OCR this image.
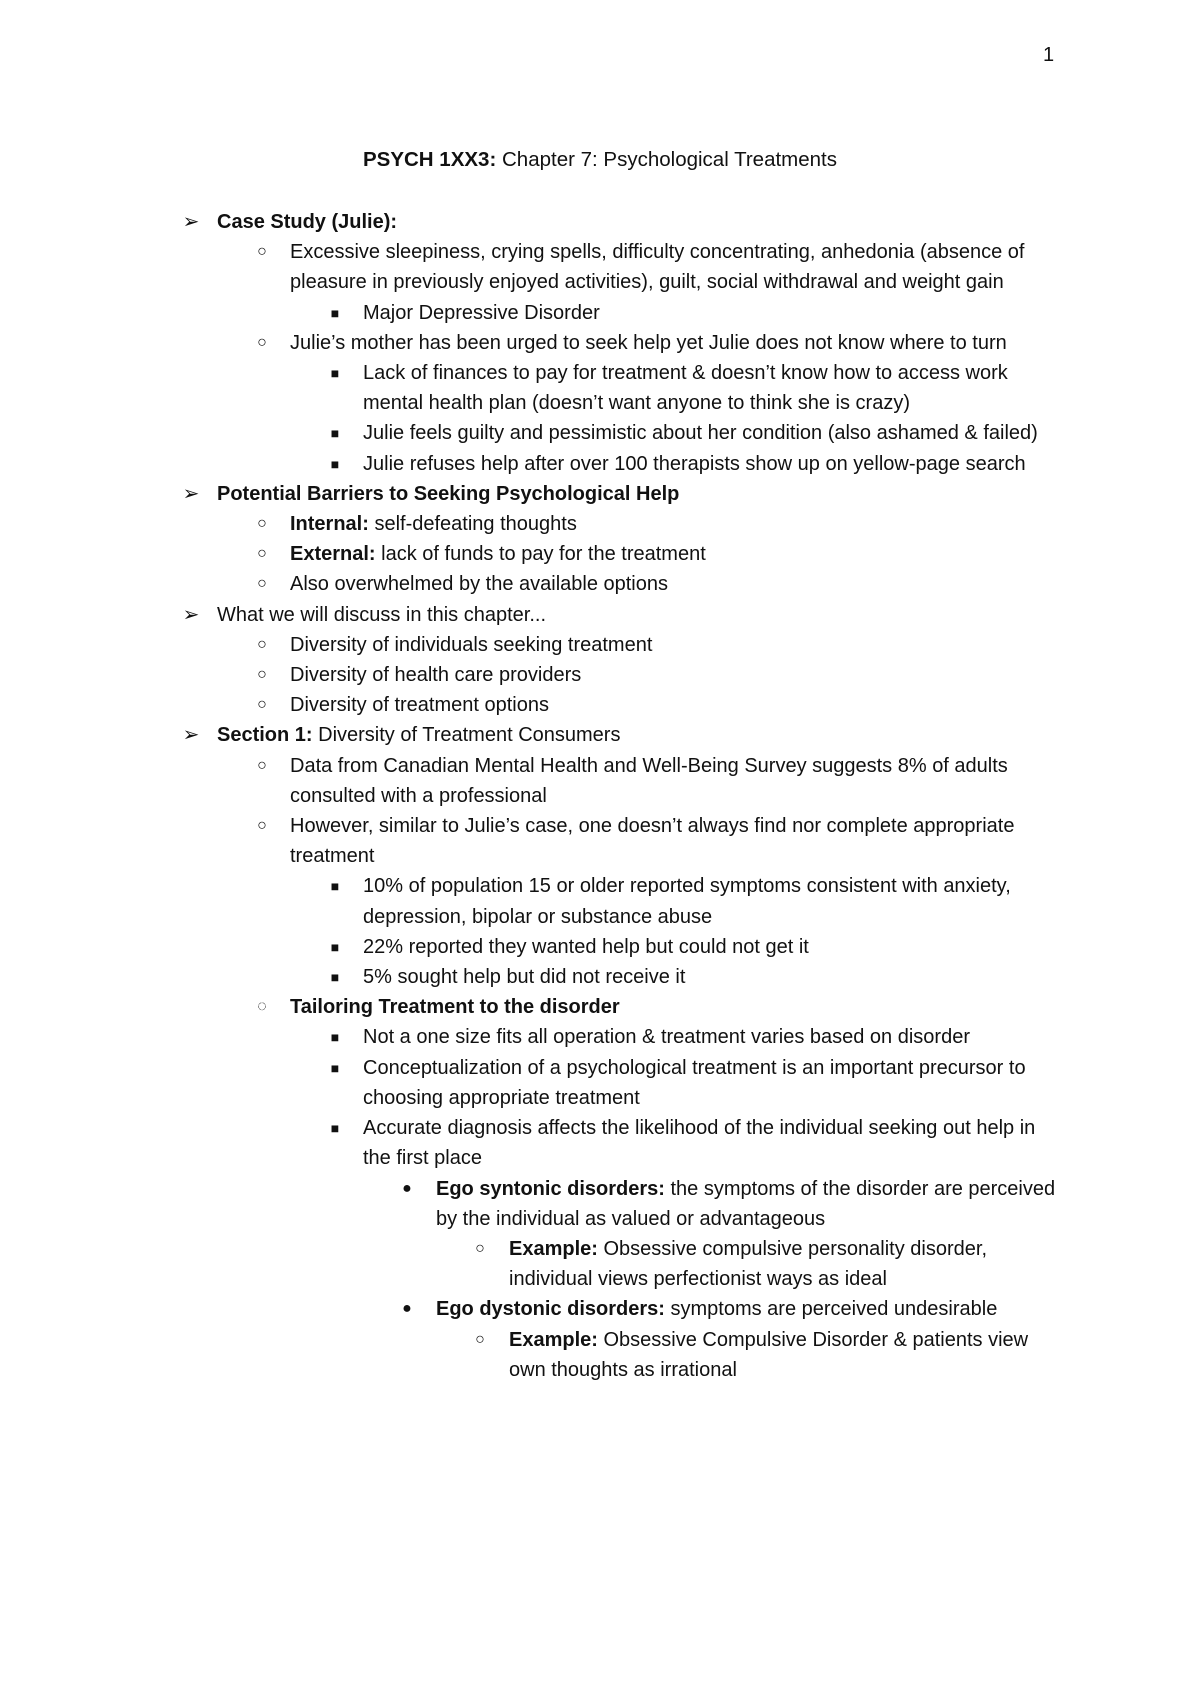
1
PSYCH 1XX3: Chapter 7: Psychological Treatments
➢ Case Study (Julie):
○	Excessive sleepiness, crying spells, difficulty concentrating, anhedonia (absence of pleasure in previously enjoyed activities), guilt, social withdrawal and weight gain
■	Major Depressive Disorder
○	Julie’s mother has been urged to seek help yet Julie does not know where to turn
■	Lack of finances to pay for treatment & doesn’t know how to access work mental health plan (doesn’t want anyone to think she is crazy)
■	Julie feels guilty and pessimistic about her condition (also ashamed & failed)
■	Julie refuses help after over 100 therapists show up on yellow-page search
➢ Potential Barriers to Seeking Psychological Help
○	Internal: self-defeating thoughts
○	External: lack of funds to pay for the treatment
○	Also overwhelmed by the available options
➢ What we will discuss in this chapter...
○	Diversity of individuals seeking treatment
○	Diversity of health care providers
○	Diversity of treatment options
➢ Section 1: Diversity of Treatment Consumers
○	Data from Canadian Mental Health and Well-Being Survey suggests 8% of adults consulted with a professional
○	However, similar to Julie’s case, one doesn’t always find nor complete appropriate treatment
■	10% of population 15 or older reported symptoms consistent with anxiety, depression, bipolar or substance abuse
■	22% reported they wanted help but could not get it
■	5% sought help but did not receive it
◌	Tailoring Treatment to the disorder
■	Not a one size fits all operation & treatment varies based on disorder
■	Conceptualization of a psychological treatment is an important precursor to choosing appropriate treatment
■	Accurate diagnosis affects the likelihood of the individual seeking out help in the first place
●	Ego syntonic disorders: the symptoms of the disorder are perceived by the individual as valued or advantageous
○	Example: Obsessive compulsive personality disorder, individual views perfectionist ways as ideal
●	Ego dystonic disorders: symptoms are perceived undesirable
○	Example: Obsessive Compulsive Disorder & patients view own thoughts as irrational
